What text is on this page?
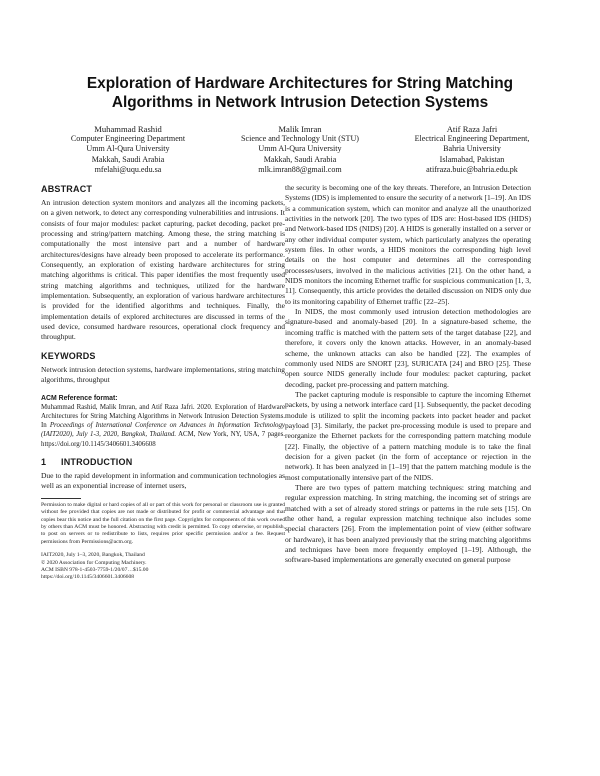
Exploration of Hardware Architectures for String Matching
Algorithms in Network Intrusion Detection Systems
Muhammad Rashid
Computer Engineering Department
Umm Al-Qura University
Makkah, Saudi Arabia
mfelahi@uqu.edu.sa
Malik Imran
Science and Technology Unit (STU)
Umm Al-Qura University
Makkah, Saudi Arabia
mlk.imran88@gmail.com
Atif Raza Jafri
Electrical Engineering Department,
Bahria University
Islamabad, Pakistan
atifraza.buic@bahria.edu.pk
ABSTRACT

An intrusion detection system monitors and analyzes all the incoming packets, on a given network, to detect any corresponding vulnerabilities and intrusions. It consists of four major modules: packet capturing, packet decoding, packet pre-processing and string/pattern matching. Among these, the string matching is computationally the most intensive part and a number of hardware architectures/designs have already been proposed to accelerate its performance. Consequently, an exploration of existing hardware architectures for string matching algorithms is critical. This paper identifies the most frequently used string matching algorithms and techniques, utilized for the hardware implementation. Subsequently, an exploration of various hardware architectures is provided for the identified algorithms and techniques. Finally, the implementation details of explored architectures are discussed in terms of the used device, consumed hardware resources, operational clock frequency and throughput.

KEYWORDS

Network intrusion detection systems, hardware implementations, string matching algorithms, throughput

ACM Reference format:
Muhammad Rashid, Malik Imran, and Atif Raza Jafri. 2020. Exploration of Hardware Architectures for String Matching Algorithms in Network Intrusion Detection Systems. In Proceedings of International Conference on Advances in Information Technology (IAIT2020), July 1-3, 2020, Bangkok, Thailand. ACM, New York, NY, USA, 7 pages. https://doi.org/10.1145/3406601.3406608
1 INTRODUCTION

Due to the rapid development in information and communication technologies as well as an exponential increase of internet users,

Permission to make digital or hard copies of all or part of this work for personal or classroom use is granted without fee provided that copies are not made or distributed for profit or commercial advantage and that copies bear this notice and the full citation on the first page. Copyrights for components of this work owned by others than ACM must be honored. Abstracting with credit is permitted. To copy otherwise, or republish, to post on servers or to redistribute to lists, requires prior specific permission and/or a fee. Request permissions from Permissions@acm.org.
IAIT2020, July 1–3, 2020, Bangkok, Thailand
© 2020 Association for Computing Machinery.
ACM ISBN 978-1-4503-7759-1/20/07…$15.00
https://doi.org/10.1145/3406601.3406608

the security is becoming one of the key threats. Therefore, an Intrusion Detection Systems (IDS) is implemented to ensure the security of a network [1–19]. An IDS is a communication system, which can monitor and analyze all the unauthorized activities in the network [20]. The two types of IDS are: Host-based IDS (HIDS) and Network-based IDS (NIDS) [20]. A HIDS is generally installed on a server or any other individual computer system, which particularly analyzes the operating system files. In other words, a HIDS monitors the corresponding high level details on the host computer and determines all the corresponding processes/users, involved in the malicious activities [21]. On the other hand, a NIDS monitors the incoming Ethernet traffic for suspicious communication [1, 3, 11]. Consequently, this article provides the detailed discussion on NIDS only due to its monitoring capability of Ethernet traffic [22–25].

In NIDS, the most commonly used intrusion detection methodologies are signature-based and anomaly-based [20]. In a signature-based scheme, the incoming traffic is matched with the pattern sets of the target database [22], and therefore, it covers only the known attacks. However, in an anomaly-based scheme, the unknown attacks can also be handled [22]. The examples of commonly used NIDS are SNORT [23], SURICATA [24] and BRO [25]. These open source NIDS generally include four modules: packet capturing, packet decoding, packet pre-processing and pattern matching.

The packet capturing module is responsible to capture the incoming Ethernet packets, by using a network interface card [1]. Subsequently, the packet decoding module is utilized to split the incoming packets into packet header and packet payload [3]. Similarly, the packet pre-processing module is used to prepare and reorganize the Ethernet packets for the corresponding pattern matching module [22]. Finally, the objective of a pattern matching module is to take the final decision for a given packet (in the form of acceptance or rejection in the network). It has been analyzed in [1–19] that the pattern matching module is the most computationally intensive part of the NIDS.

There are two types of pattern matching techniques: string matching and regular expression matching. In string matching, the incoming set of strings are matched with a set of already stored strings or patterns in the rule sets [15]. On the other hand, a regular expression matching technique also includes some special characters [26]. From the implementation point of view (either software or hardware), it has been analyzed previously that the string matching algorithms and techniques have been more frequently employed [1–19]. Although, the software-based implementations are generally executed on general purpose
